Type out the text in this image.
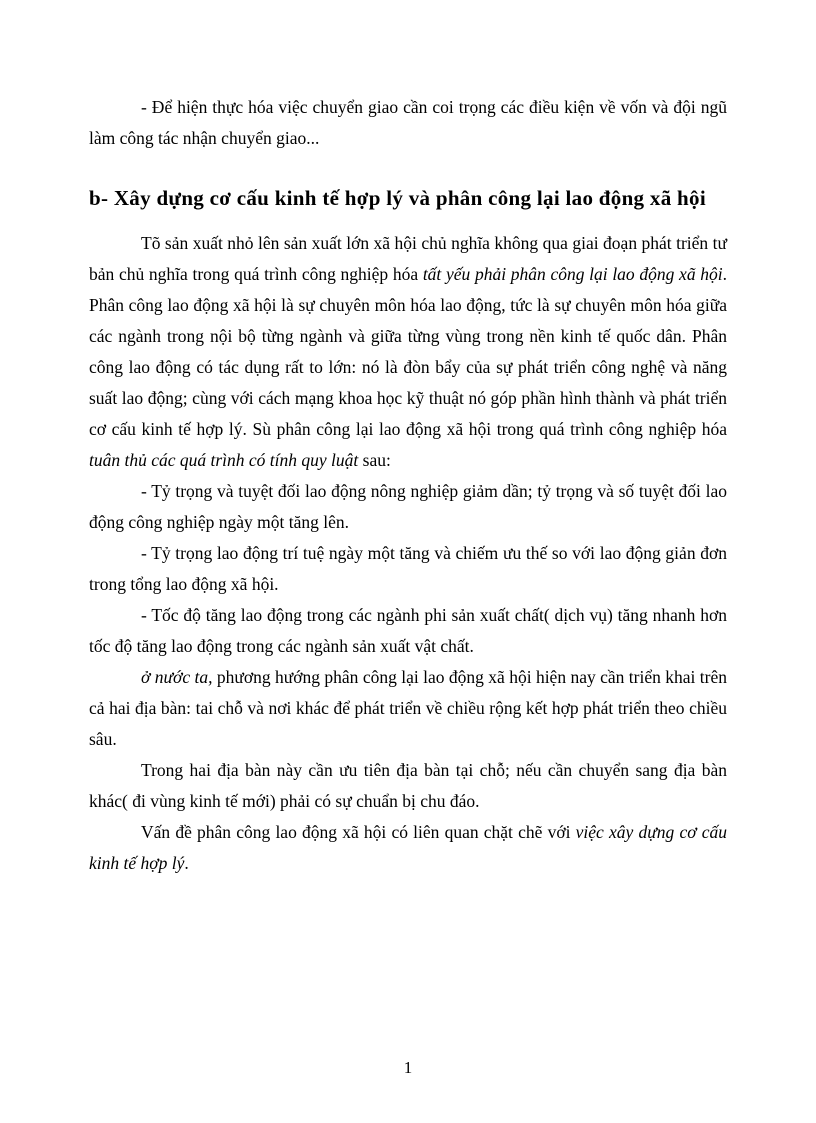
- Để hiện thực hóa việc chuyển giao cần coi trọng các điều kiện về vốn và đội ngũ làm công tác nhận chuyển giao...

b- Xây dựng cơ cấu kinh tế hợp lý và phân công lại lao động xã hội

Tõ sản xuất nhỏ lên sản xuất lớn xã hội chủ nghĩa không qua giai đoạn phát triển tư bản chủ nghĩa trong quá trình công nghiệp hóa tất yếu phải phân công lại lao động xã hội. Phân công lao động xã hội là sự chuyên môn hóa lao động, tức là sự chuyên môn hóa giữa các ngành trong nội bộ từng ngành và giữa từng vùng trong nền kinh tế quốc dân. Phân công lao động có tác dụng rất to lớn: nó là đòn bẩy của sự phát triển công nghệ và năng suất lao động; cùng với cách mạng khoa học kỹ thuật nó góp phần hình thành và phát triển cơ cấu kinh tế hợp lý. Sù phân công lại lao động xã hội trong quá trình công nghiệp hóa tuân thủ các quá trình có tính quy luật sau:

- Tỷ trọng và tuyệt đối lao động nông nghiệp giảm dần; tỷ trọng và số tuyệt đối lao động công nghiệp ngày một tăng lên.

- Tỷ trọng lao động trí tuệ ngày một tăng và chiếm ưu thế so với lao động giản đơn trong tổng lao động xã hội.

- Tốc độ tăng lao động trong các ngành phi sản xuất chất( dịch vụ) tăng nhanh hơn tốc độ tăng lao động trong các ngành sản xuất vật chất.

ở nước ta, phương hướng phân công lại lao động xã hội hiện nay cần triển khai trên cả hai địa bàn: tai chỗ và nơi khác để phát triển về chiều rộng kết hợp phát triển theo chiều sâu.

Trong hai địa bàn này cần ưu tiên địa bàn tại chỗ; nếu cần chuyển sang địa bàn khác( đi vùng kinh tế mới) phải có sự chuẩn bị chu đáo.

Vấn đề phân công lao động xã hội có liên quan chặt chẽ với việc xây dựng cơ cấu kinh tế hợp lý.

1
